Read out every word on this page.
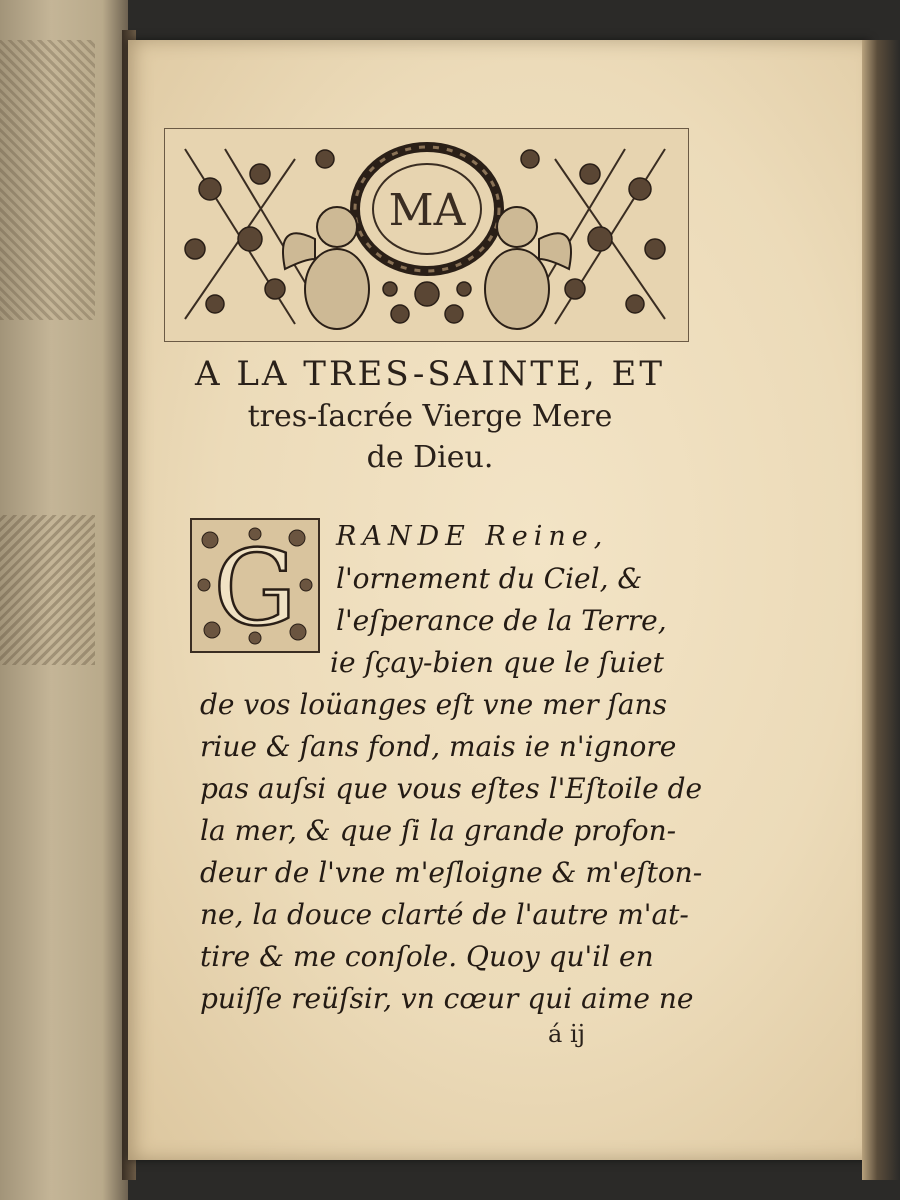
MA
A LA TRES-SAINTE, ET
tres-ſacrée Vierge Mere
de Dieu.
G RANDE Reine,
l'ornement du Ciel, &
l'eſperance de la Terre,
ie ſçay-bien que le ſuiet
de vos loüanges eſt vne mer ſans
riue & ſans fond, mais ie n'ignore
pas auſsi que vous eſtes l'Eſtoile de
la mer, & que ſi la grande profon-
deur de l'vne m'eſloigne & m'eſton-
ne, la douce clarté de l'autre m'at-
tire & me conſole. Quoy qu'il en
puiſſe reüſsir, vn cœur qui aime ne
á ij
